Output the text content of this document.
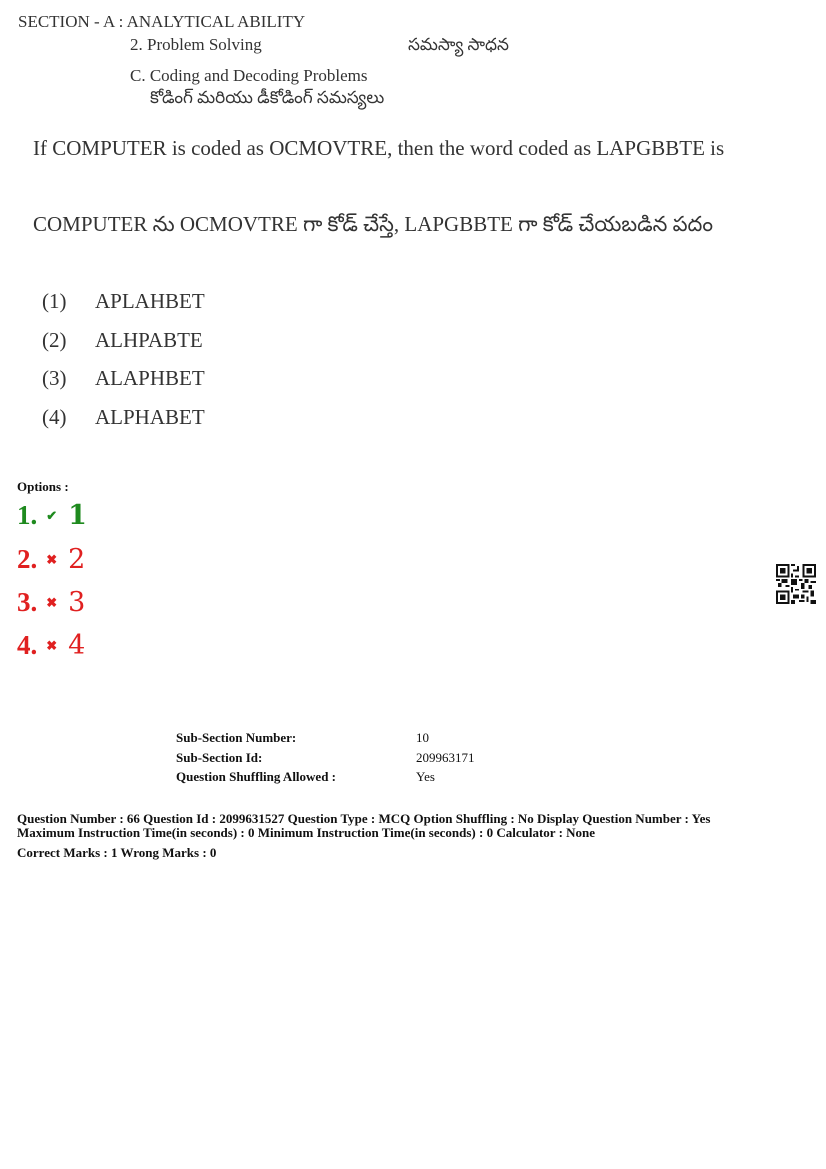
SECTION - A : ANALYTICAL ABILITY
2. Problem Solving	సమస్యా సాధన
C. Coding and Decoding Problems
కోడింగ్ మరియు డీకోడింగ్ సమస్యలు
If COMPUTER is coded as OCMOVTRE, then the word coded as LAPGBBTE is
COMPUTER ను OCMOVTRE గా కోడ్ చేస్తే, LAPGBBTE గా కోడ్ చేయబడిన పదం
(1) APLAHBET
(2) ALHPABTE
(3) ALAPHBET
(4) ALPHABET
Options :
1. ✔ 1
2. ✖ 2
3. ✖ 3
4. ✖ 4
Sub-Section Number:	10
Sub-Section Id:	209963171
Question Shuffling Allowed :	Yes
Question Number : 66 Question Id : 2099631527 Question Type : MCQ Option Shuffling : No Display Question Number : Yes
Maximum Instruction Time(in seconds) : 0 Minimum Instruction Time(in seconds) : 0 Calculator : None
Correct Marks : 1 Wrong Marks : 0
